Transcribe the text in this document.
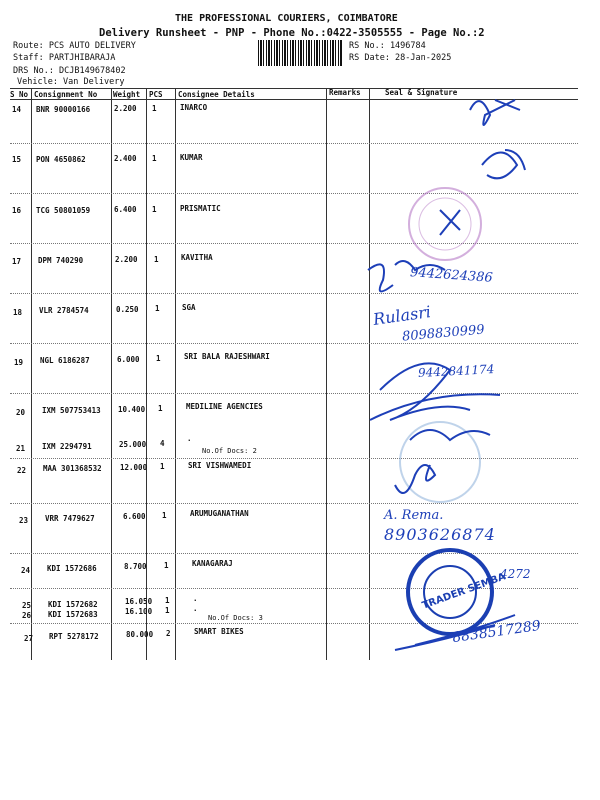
THE PROFESSIONAL COURIERS, COIMBATORE
Delivery Runsheet - PNP - Phone No.:0422-3505555 - Page No.:2
Route: PCS AUTO DELIVERY
Staff: PARTJHIBARAJA
DRS No.: DCJB149678402
Vehicle: Van Delivery
RS No.: 1496784
RS Date: 28-Jan-2025
S No Consignment No Weight PCS Consignee Details	Remarks	Seal & Signature
14 BNR 90000166	2.200 1	INARCO
15 PON 4650862	2.400 1	KUMAR
16 TCG 50801059	6.400 1	PRISMATIC
17 DPM 740290	2.200 1	KAVITHA
18 VLR 2784574	0.250 1	SGA
19 NGL 6186287	6.000 1	SRI BALA RAJESHWARI
20 IXM 507753413 10.400 1	MEDILINE AGENCIES
21 IXM 2294791	25.000 4
.
No.Of Docs: 2
22 MAA 301368532 12.000 1	SRI VISHWAMEDI
23 VRR 7479627	6.600 1	ARUMUGANATHAN
24 KDI 1572686	8.700 1	KANAGARAJ
25 KDI 1572682	16.050 1	.
26 KDI 1572683	16.100 1	.
No.Of Docs: 3
27 RPT 5278172	80.000 2	SMART BIKES
9442624386
Rulasri
8098830999
9442841174
A. Rema.
8903626874
4272
8838517289
TRADER SEMBA
